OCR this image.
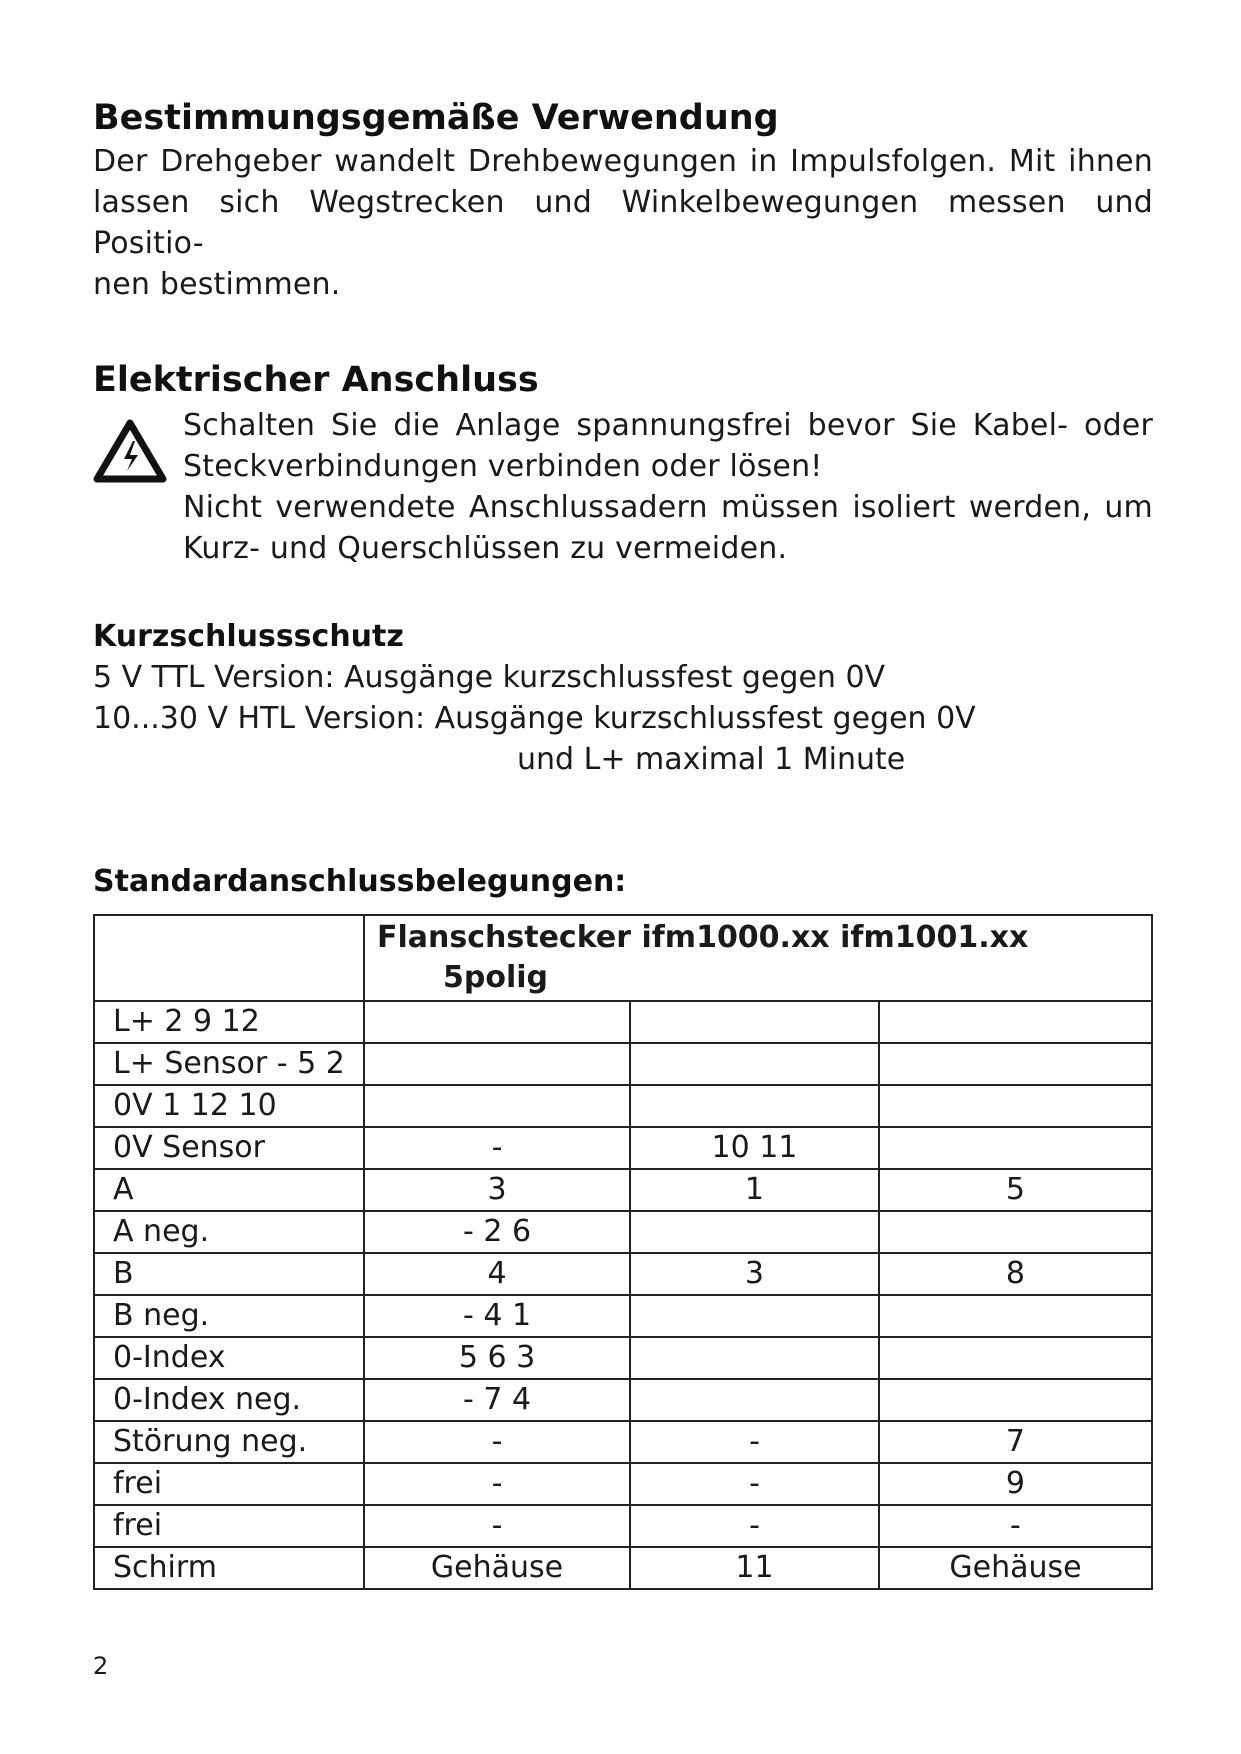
Bestimmungsgemäße Verwendung

Der Drehgeber wandelt Drehbewegungen in Impulsfolgen. Mit ihnen

lassen sich Wegstrecken und Winkelbewegungen messen und Positio-

nen bestimmen.

Elektrischer Anschluss

Schalten Sie die Anlage spannungsfrei bevor Sie Kabel- oder

Steckverbindungen verbinden oder lösen!

Nicht verwendete Anschlussadern müssen isoliert werden, um

Kurz- und Querschlüssen zu vermeiden.

Kurzschlussschutz
5 V TTL Version: Ausgänge kurzschlussfest gegen 0V
10...30 V HTL Version: Ausgänge kurzschlussfest gegen 0V
und L+ maximal 1 Minute
Standardanschlussbelegungen:
	Flanschstecker ifm1000.xx ifm1001.xx
5polig		

L+ 2 9 12			
L+ Sensor - 5 2			
0V 1 12 10			
0V Sensor	-	10 11	
A	3	1	5
A neg.	- 2 6		
B	4	3	8
B neg.	- 4 1		
0-Index	5 6 3		
0-Index neg.	- 7 4		
Störung neg.	-	-	7
frei	-	-	9
frei	-	-	-
Schirm	Gehäuse	11	Gehäuse
2
